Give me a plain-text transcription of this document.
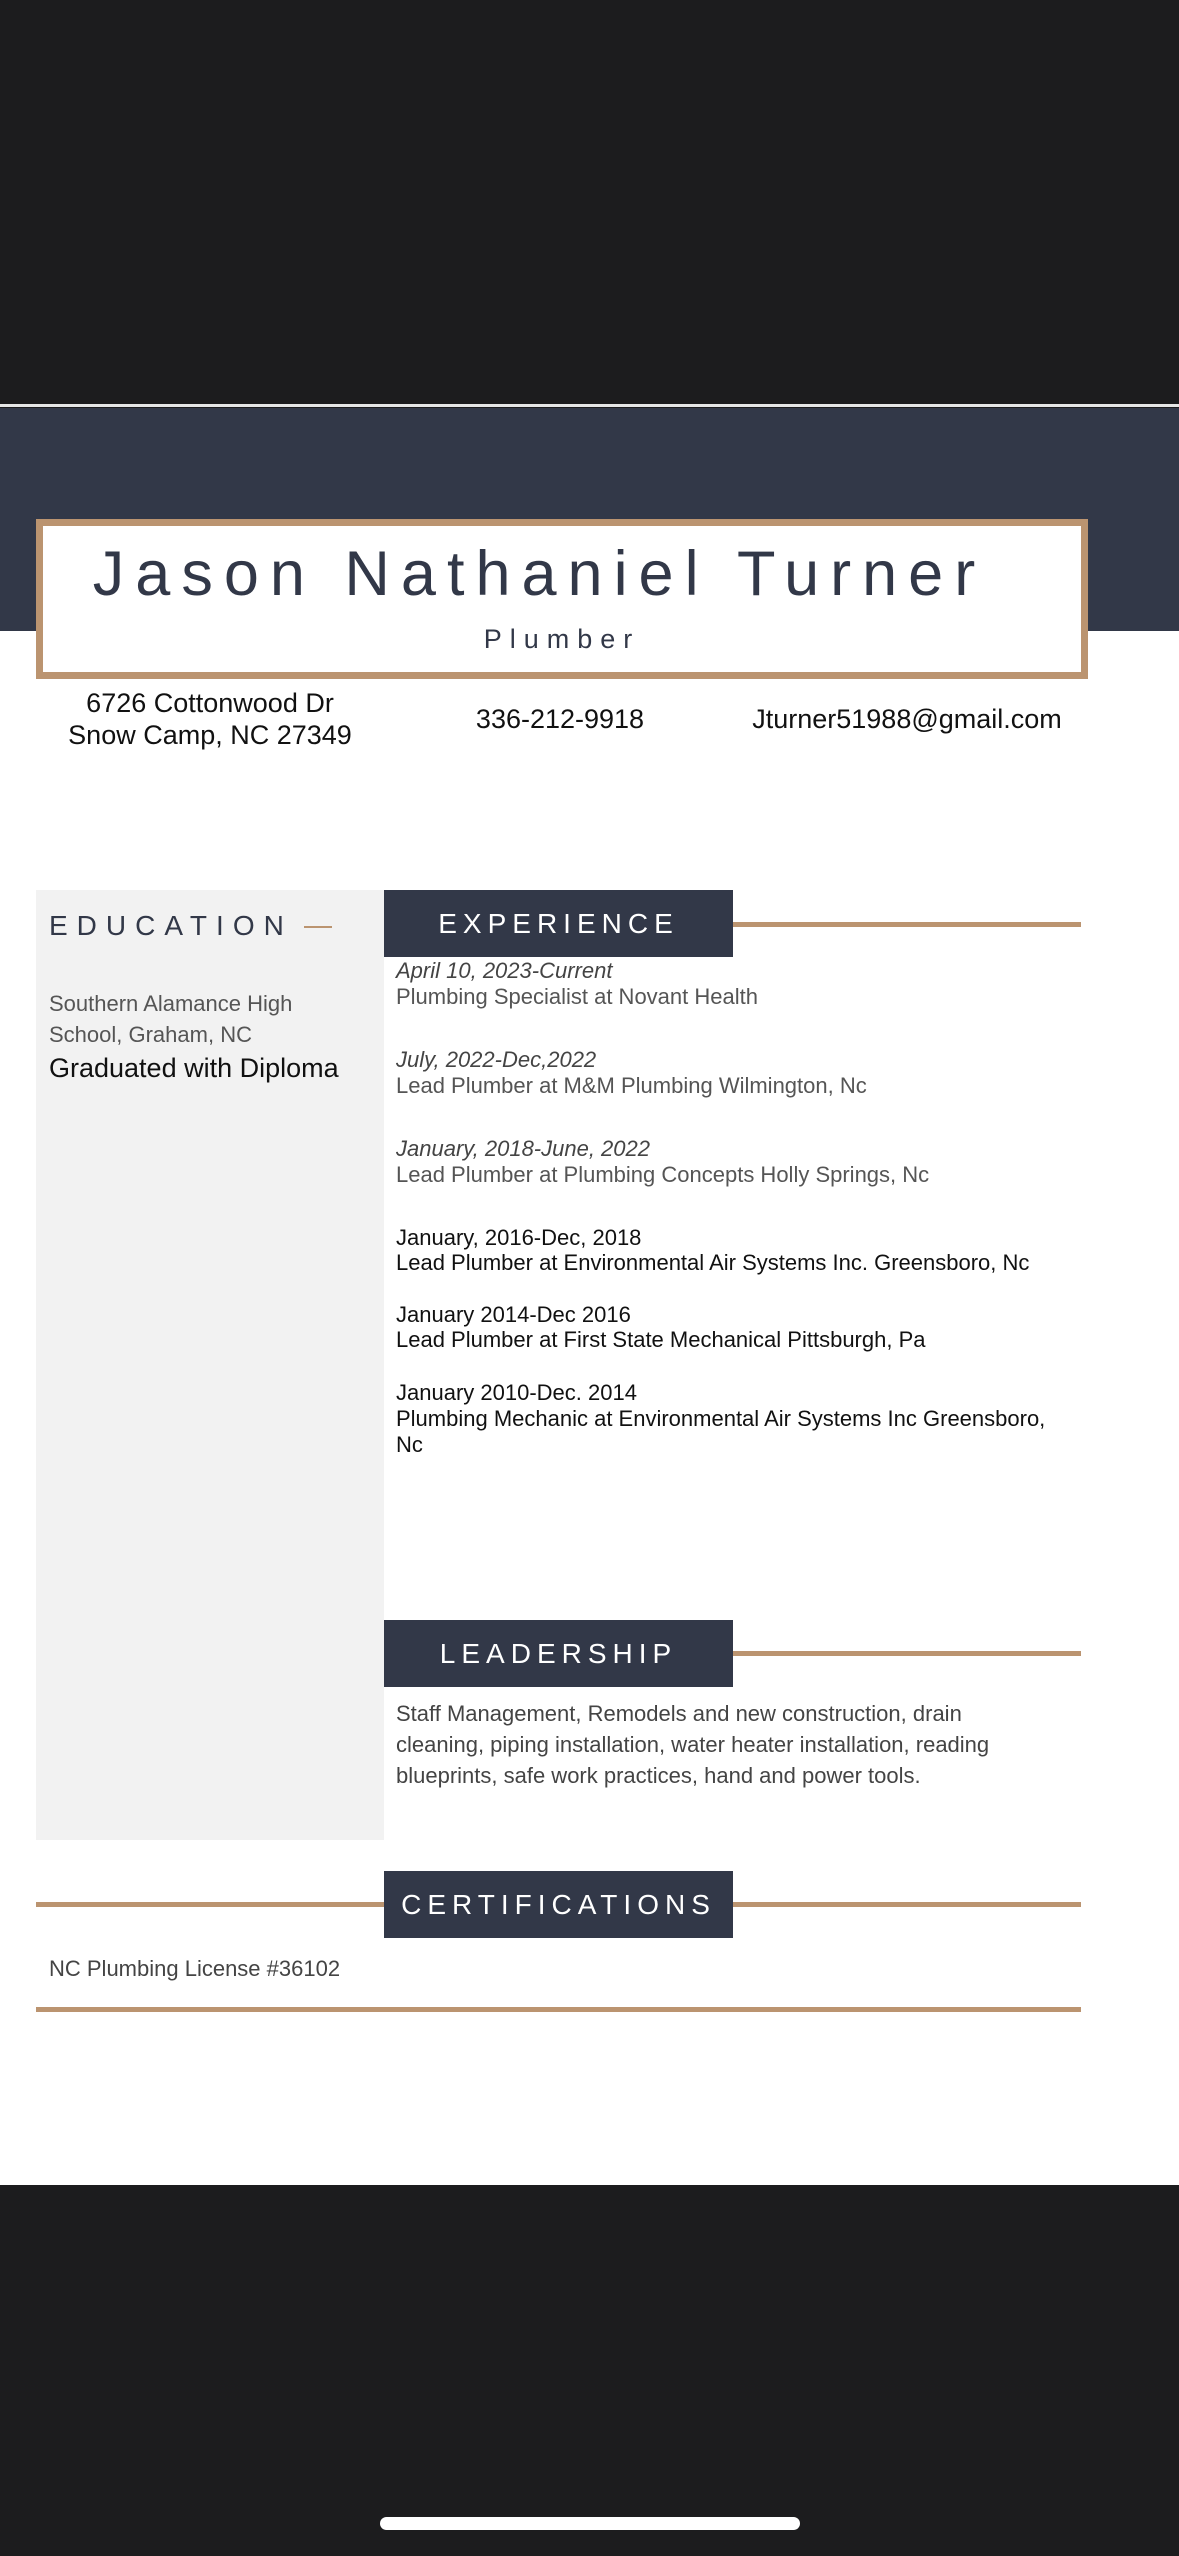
Jason Nathaniel Turner
Plumber
6726 Cottonwood Dr
Snow Camp, NC 27349
336-212-9918	Jturner51988@gmail.com
EDUCATION
Southern Alamance High School, Graham, NC
Graduated with Diploma
EXPERIENCE
April 10, 2023-Current
Plumbing Specialist at Novant Health
July, 2022-Dec,2022
Lead Plumber at M&M Plumbing Wilmington, Nc
January, 2018-June, 2022
Lead Plumber at Plumbing Concepts Holly Springs, Nc
January, 2016-Dec, 2018
Lead Plumber at Environmental Air Systems Inc. Greensboro, Nc
January 2014-Dec 2016
Lead Plumber at First State Mechanical Pittsburgh, Pa
January 2010-Dec. 2014
Plumbing Mechanic at Environmental Air Systems Inc Greensboro, Nc
LEADERSHIP
Staff Management, Remodels and new construction, drain cleaning, piping installation, water heater installation, reading blueprints, safe work practices, hand and power tools.
CERTIFICATIONS
NC Plumbing License #36102
